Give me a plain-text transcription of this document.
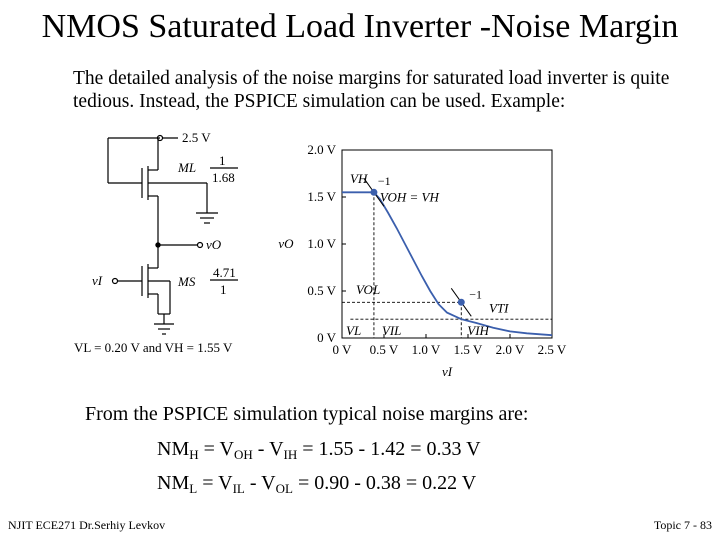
NMOS Saturated Load Inverter -Noise Margin
The detailed analysis of the noise margins for saturated load inverter is quite tedious. Instead, the PSPICE simulation can be used. Example:
2.5 V
ML 1
1.68
vO
vI	MS
4.71
1
VL = 0.20 V and VH = 1.55 V	0 V 0.5 V 1.0 V 1.5 V 2.0 V 2.5 V
0 V
0.5 V
1.0 V
1.5 V
2.0 V
vI
vO
VH −1
VOH = VH
VOL	−1
VTI
VL VIL	VIH
From the PSPICE simulation typical noise margins are:
$NM_H = V_{OH} - V_{IH} = 1.55 - 1.42 = 0.33$ V
$NM_L = V_{IL} - V_{OL} = 0.90 - 0.38 = 0.22$ V
NJIT ECE271 Dr.Serhiy Levkov	Topic 7 - 83
